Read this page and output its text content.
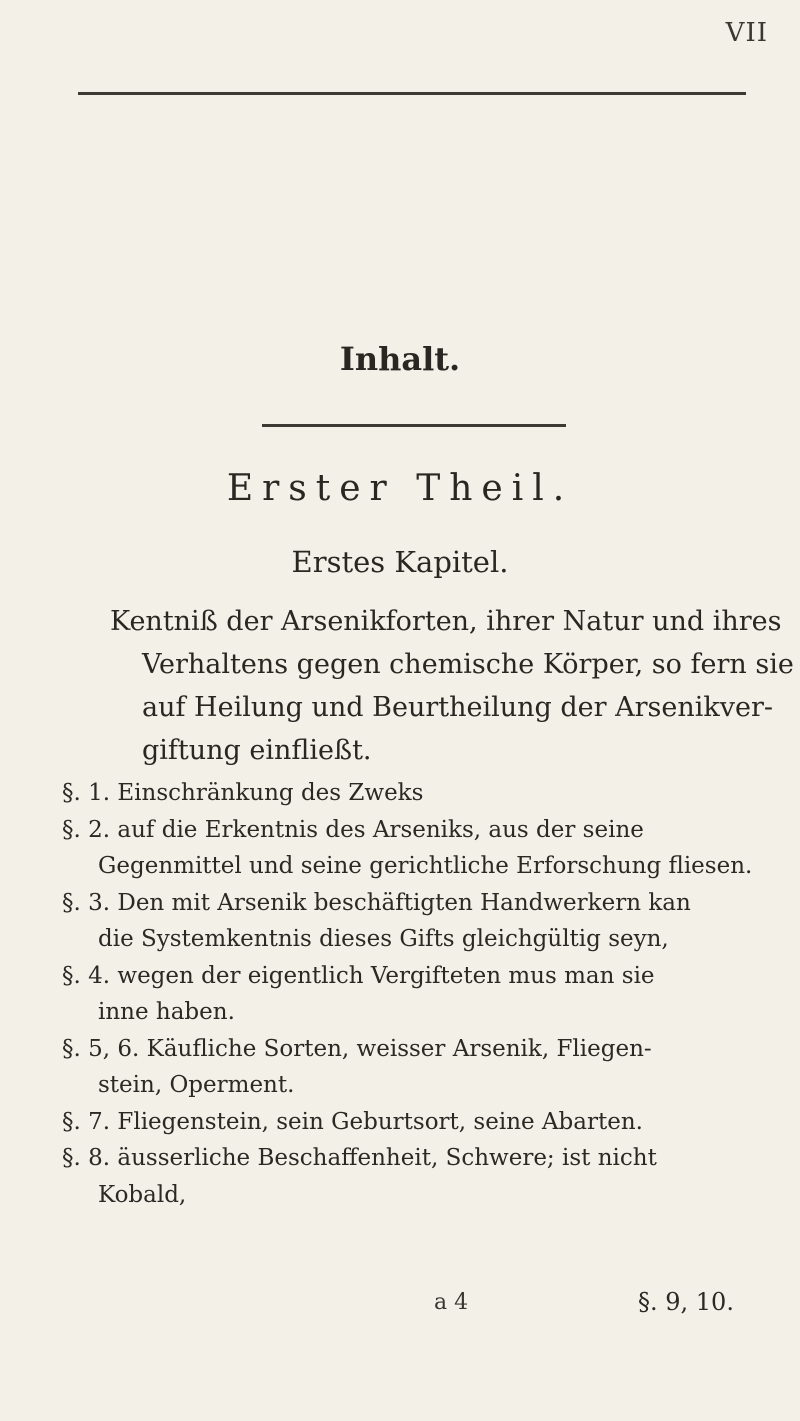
VII
Inhalt.
Erster Theil.
Erstes Kapitel.
Kentniß der Arsenikforten, ihrer Natur und ihres
Verhaltens gegen chemische Körper, so fern sie
auf Heilung und Beurtheilung der Arsenikver-
giftung einfließt.
§. 1. Einschränkung des Zweks
§. 2. auf die Erkentnis des Arseniks, aus der seine
Gegenmittel und seine gerichtliche Erforschung fliesen.
§. 3. Den mit Arsenik beschäftigten Handwerkern kan
die Systemkentnis dieses Gifts gleichgültig seyn,
§. 4. wegen der eigentlich Vergifteten mus man sie
inne haben.
§. 5, 6. Käufliche Sorten, weisser Arsenik, Fliegen-
stein, Operment.
§. 7. Fliegenstein, sein Geburtsort, seine Abarten.
§. 8. äusserliche Beschaffenheit, Schwere; ist nicht
Kobald,
a 4	§. 9, 10.
